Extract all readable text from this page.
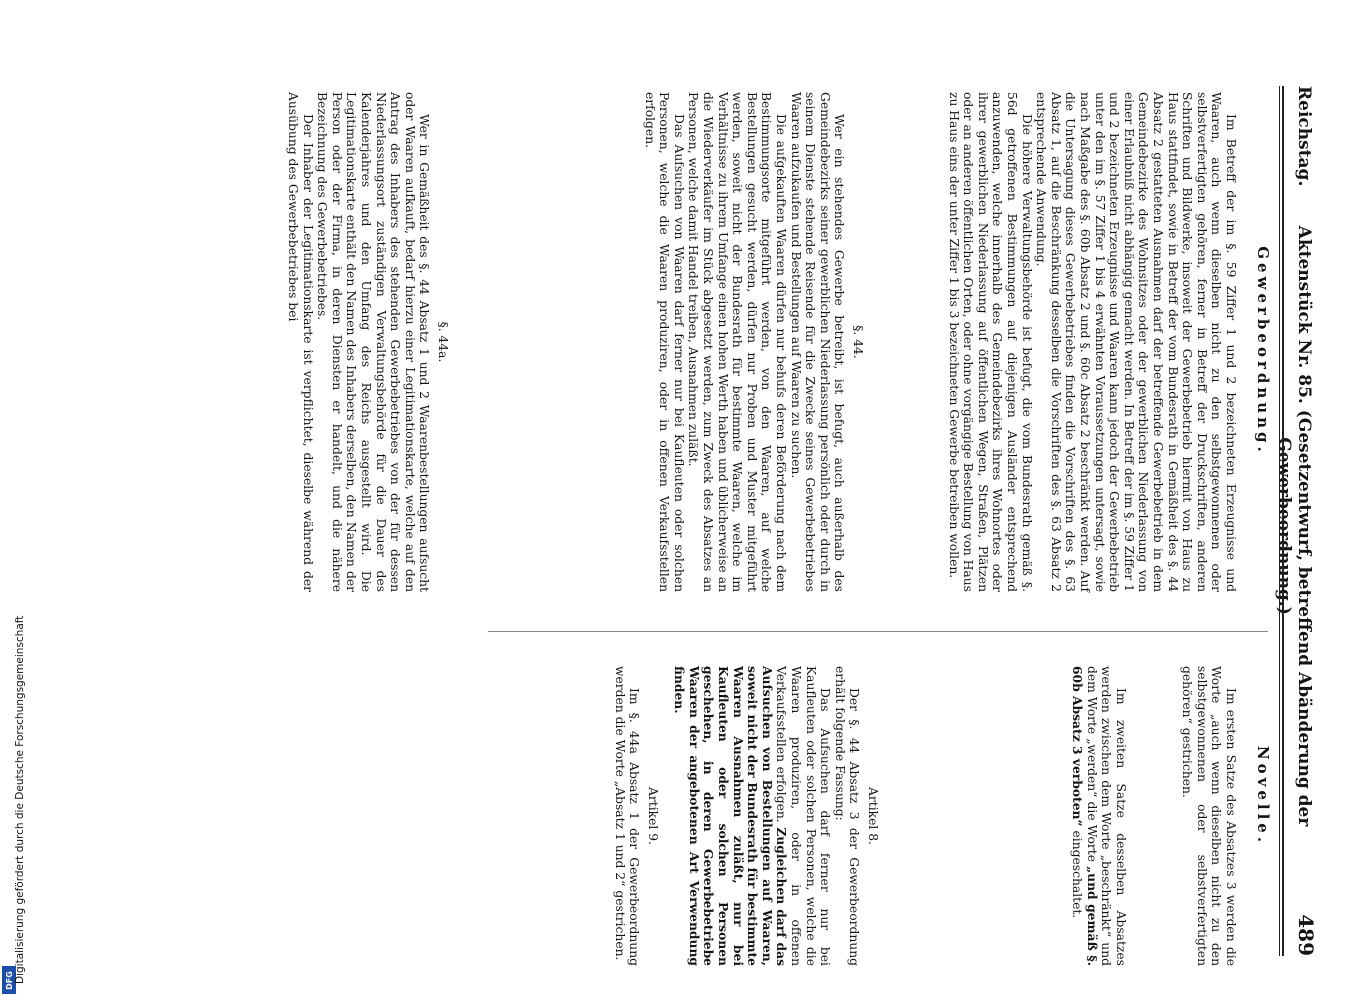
Reichstag.
Aktenstück Nr. 85. (Gesetzentwurf, betreffend Abänderung der Gewerbeordnung.)
489
Gewerbeordnung.
Novelle.
Im Betreff der im §. 59 Ziffer 1 und 2 bezeichneten Erzeugnisse und Waaren, auch wenn dieselben nicht zu den selbstgewonnenen oder selbstverfertigten gehören, ferner in Betreff der Druckschriften, anderen Schriften und Bildwerke, insoweit der Gewerbebetrieb hiermit von Haus zu Haus stattfindet, sowie in Betreff der vom Bundesrath in Gemäßheit des §. 44 Absatz 2 gestatteten Ausnahmen darf der betreffende Gewerbebetrieb in dem Gemeindebezirke des Wohnsitzes oder der gewerblichen Niederlassung von einer Erlaubniß nicht abhängig gemacht werden. In Betreff der im §. 59 Ziffer 1 und 2 bezeichneten Erzeugnisse und Waaren kann jedoch der Gewerbebetrieb unter den im §. 57 Ziffer 1 bis 4 erwähnten Voraussetzungen untersagt, sowie nach Maßgabe des §. 60b Absatz 2 und §. 60c Absatz 2 beschränkt werden. Auf die Untersagung dieses Gewerbebetriebes finden die Vorschriften des §. 63 Absatz 1, auf die Beschränkung desselben die Vorschriften des §. 63 Absatz 2 entsprechende Anwendung.
Die höhere Verwaltungsbehörde ist befugt, die vom Bundesrath gemäß §. 56d getroffenen Bestimmungen auf diejenigen Ausländer entsprechend anzuwenden, welche innerhalb des Gemeindebezirks ihres Wohnortes oder ihrer gewerblichen Niederlassung auf öffentlichen Wegen, Straßen, Plätzen oder an anderen öffentlichen Orten, oder ohne vorgängige Bestellung von Haus zu Haus eins der unter Ziffer 1 bis 3 bezeichneten Gewerbe betreiben wollen.
§. 44.
Wer ein stehendes Gewerbe betreibt, ist befugt, auch außerhalb des Gemeindebezirks seiner gewerblichen Niederlassung persönlich oder durch in seinem Dienste stehende Reisende für die Zwecke seines Gewerbebetriebes Waaren aufzukaufen und Bestellungen auf Waaren zu suchen.
Die aufgekauften Waaren dürfen nur behufs deren Beförderung nach dem Bestimmungsorte mitgeführt werden, von den Waaren, auf welche Bestellungen gesucht werden, dürfen nur Proben und Muster mitgeführt werden, soweit nicht der Bundesrath für bestimmte Waaren, welche im Verhältnisse zu ihrem Umfange einen hohen Werth haben und üblicherweise an die Wiederverkäufer im Stück abgesetzt werden, zum Zweck des Absatzes an Personen, welche damit Handel treiben, Ausnahmen zuläßt.
Das Aufsuchen von Waaren darf ferner nur bei Kaufleuten oder solchen Personen, welche die Waaren produziren, oder in offenen Verkaufsstellen erfolgen.
§. 44a.
Wer in Gemäßheit des §. 44 Absatz 1 und 2 Waarenbestellungen aufsucht oder Waaren aufkauft, bedarf hierzu einer Legitimationskarte, welche auf den Antrag des Inhabers des stehenden Gewerbebetriebes von der für dessen Niederlassungsort zuständigen Verwaltungsbehörde für die Dauer des Kalenderjahres und den Umfang des Reichs ausgestellt wird. Die Legitimationskarte enthält den Namen des Inhabers derselben, den Namen der Person oder der Firma, in deren Diensten er handelt, und die nähere Bezeichnung des Gewerbebetriebes.
Der Inhaber der Legitimationskarte ist verpflichtet, dieselbe während der Ausübung des Gewerbebetriebes bei
Im ersten Satze des Absatzes 3 werden die Worte „auch wenn dieselben nicht zu den selbstgewonnenen oder selbstverfertigten gehören“ gestrichen.
Im zweiten Satze desselben Absatzes werden zwischen dem Worte „beschränkt“ und dem Worte „werden“ die Worte „und gemäß §. 60b Absatz 3 verboten“ eingeschaltet.
Artikel 8.
Der §. 44 Absatz 3 der Gewerbeordnung erhält folgende Fassung:
Das Aufsuchen darf ferner nur bei Kaufleuten oder solchen Personen, welche die Waaren produziren, oder in offenen Verkaufsstellen erfolgen. Zugleichen darf das Aufsuchen von Bestellungen auf Waaren, soweit nicht der Bundesrath für bestimmte Waaren Ausnahmen zuläßt, nur bei Kaufleuten oder solchen Personen geschehen, in deren Gewerbebetriebe Waaren der angebotenen Art Verwendung finden.
Artikel 9.
Im §. 44a Absatz 1 der Gewerbeordnung werden die Worte „Absatz 1 und 2“ gestrichen.
DFG Digitalisierung gefördert durch die Deutsche Forschungsgemeinschaft
